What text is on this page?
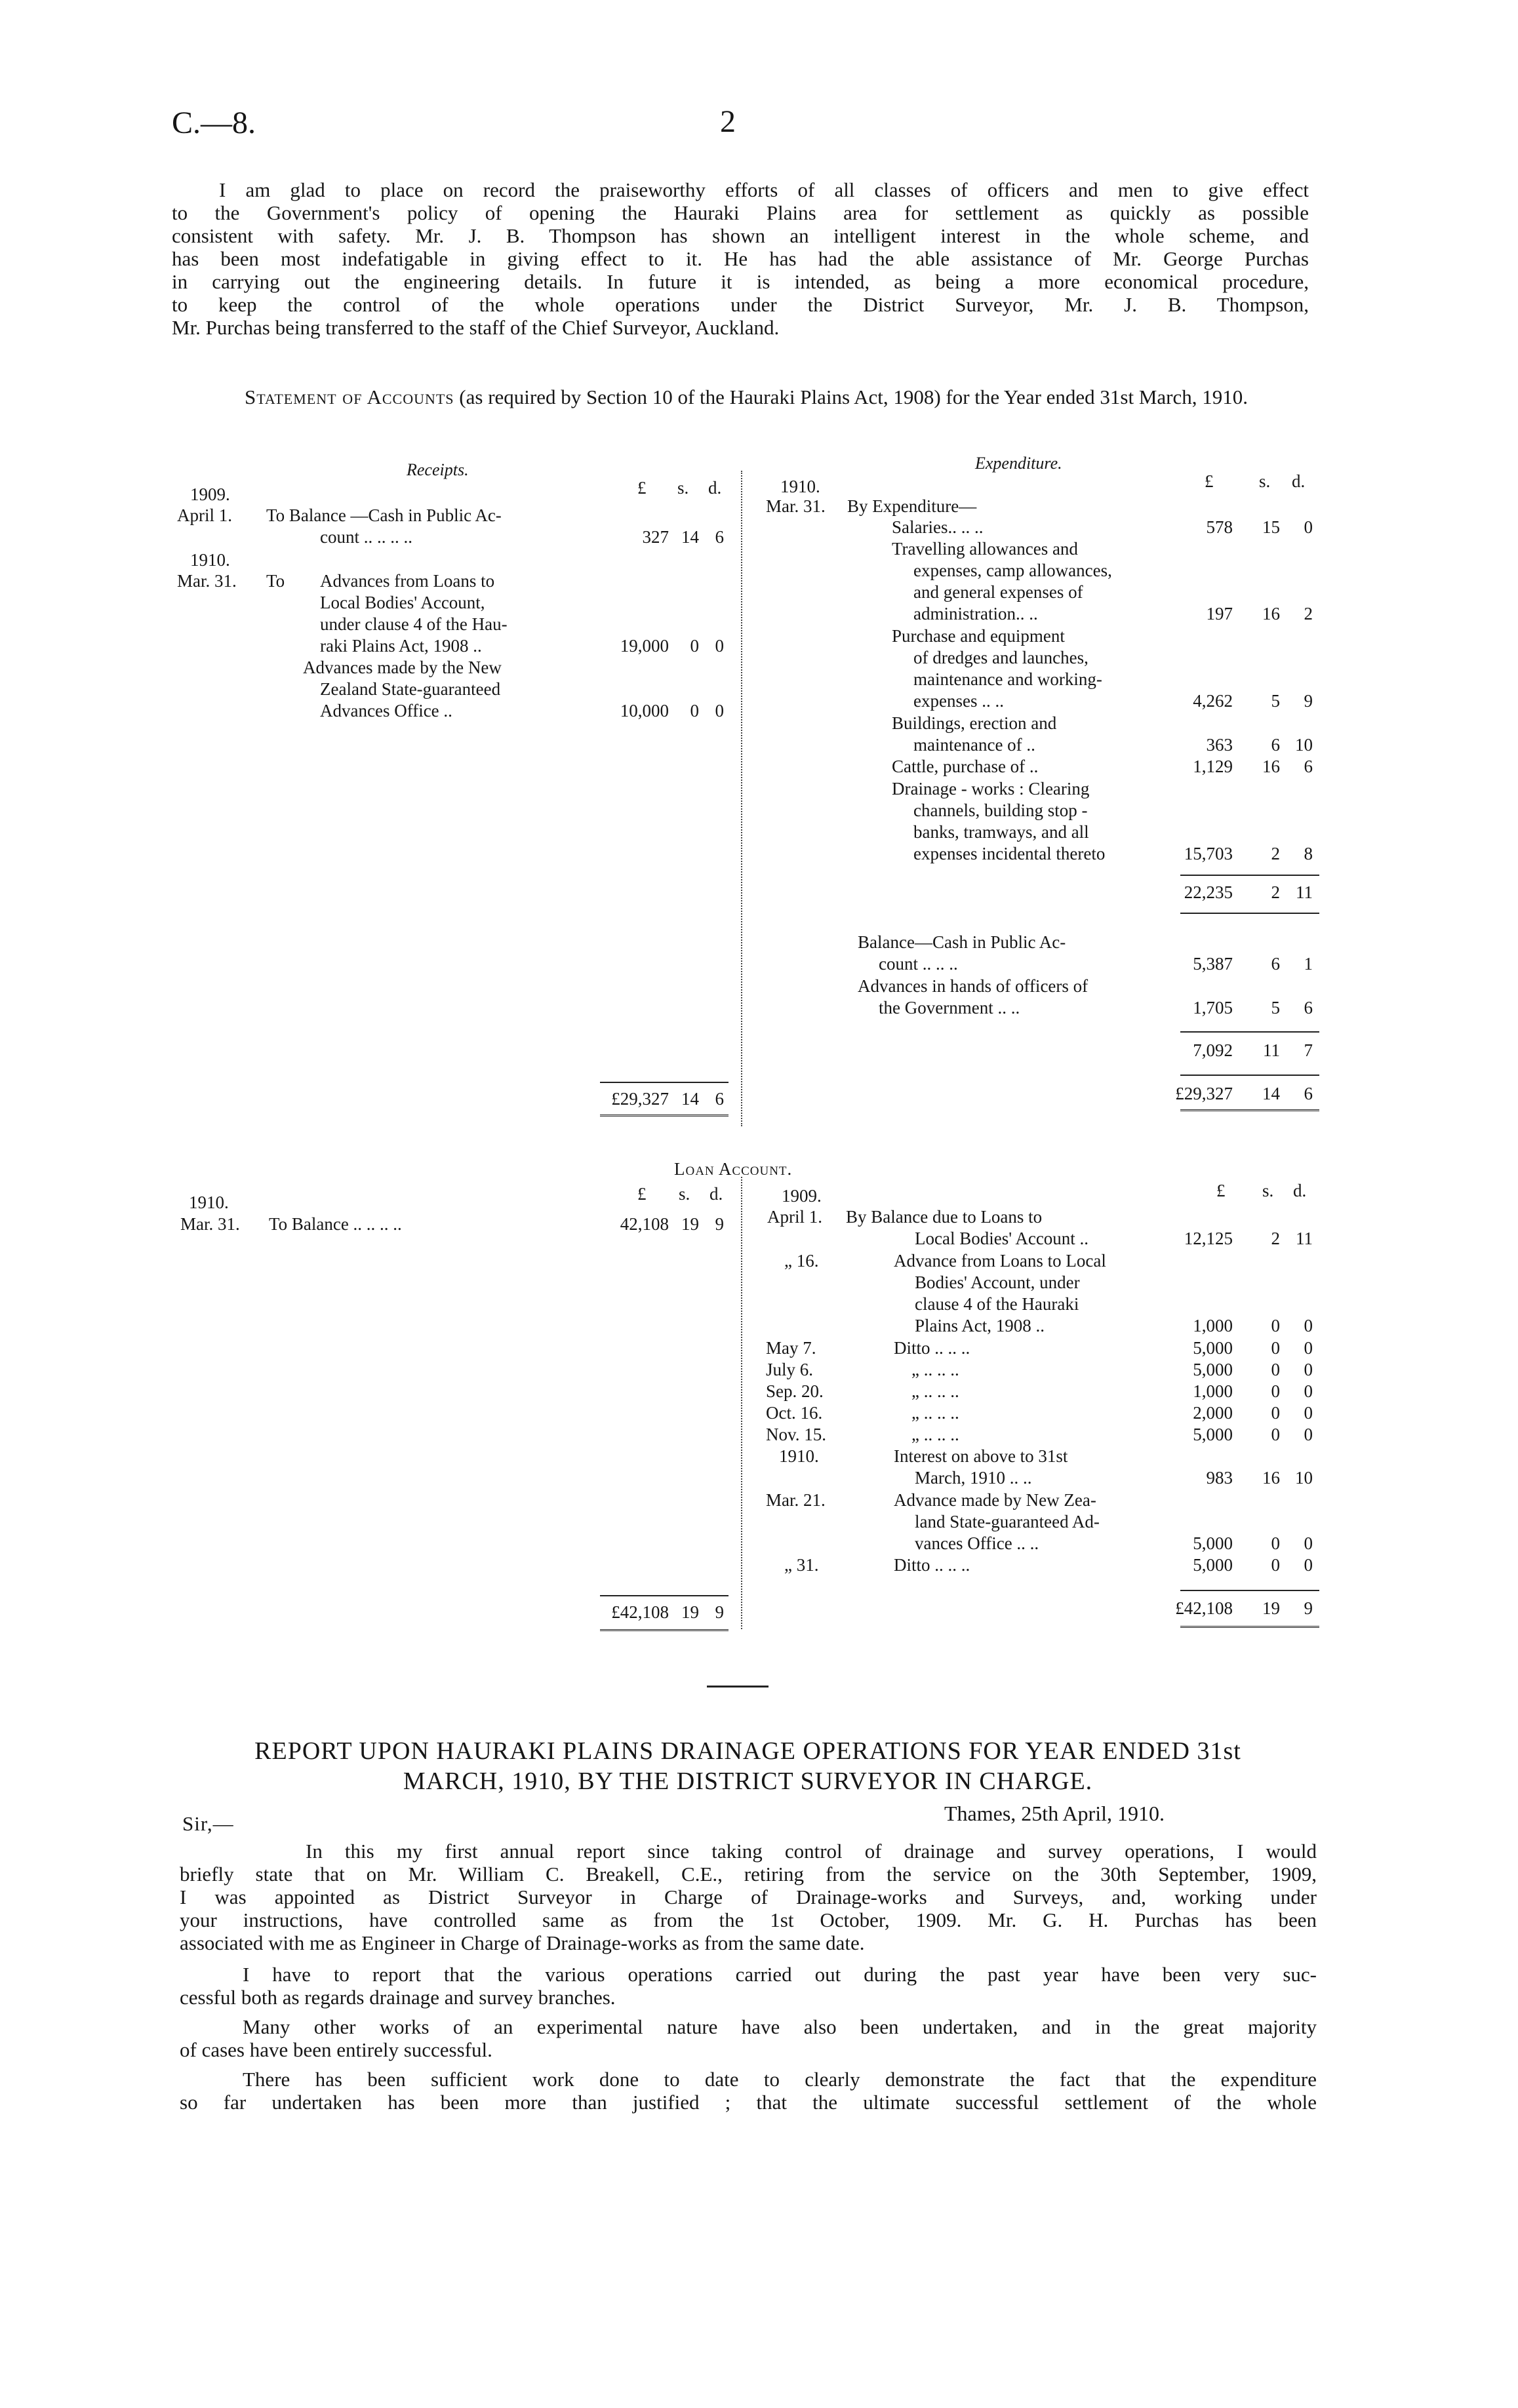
C.—8.	2
I am glad to place on record the praiseworthy efforts of all classes of officers and men to give effect
to the Government's policy of opening the Hauraki Plains area for settlement as quickly as possible
consistent with safety. Mr. J. B. Thompson has shown an intelligent interest in the whole scheme, and
has been most indefatigable in giving effect to it. He has had the able assistance of Mr. George Purchas
in carrying out the engineering details. In future it is intended, as being a more economical procedure,
to keep the control of the whole operations under the District Surveyor, Mr. J. B. Thompson,
Mr. Purchas being transferred to the staff of the Chief Surveyor, Auckland.
Statement of Accounts (as required by Section 10 of the Hauraki Plains Act, 1908) for the Year ended 31st March, 1910.
Receipts.
£ s. d.
1909.
April 1. To Balance —Cash in Public Ac-
count .. .. .. ..	327 14 6
1910.
Mar. 31. To Advances from Loans to
Local Bodies' Account,
under clause 4 of the Hau-
raki Plains Act, 1908 ..	19,000	0 0
Advances made by the New
Zealand State-guaranteed
Advances Office ..	10,000	0 0
£29,327 14 6
Expenditure.
£	s. d.
1910.
Mar. 31. By Expenditure—
Salaries.. .. ..	578	15	0
Travelling allowances and
expenses, camp allowances,
and general expenses of
administration.. ..	197	16	2
Purchase and equipment
of dredges and launches,
maintenance and working-
expenses .. ..	4,262	5	9
Buildings, erection and
maintenance of ..	363	6 10
Cattle, purchase of ..	1,129	16	6
Drainage - works : Clearing
channels, building stop -
banks, tramways, and all
expenses incidental thereto	15,703	2	8
22,235	2 11
Balance—Cash in Public Ac-
count .. .. ..	5,387	6	1
Advances in hands of officers of
the Government .. ..	1,705	5	6
7,092	11	7
£29,327	14	6
Loan Account.
£ s. d.
1910.
Mar. 31. To Balance .. .. .. ..	42,108 19 9
£42,108 19 9
£ s. d.
1909.
April 1. By Balance due to Loans to
Local Bodies' Account ..	12,125	2 11
„ 16.	Advance from Loans to Local
Bodies' Account, under
clause 4 of the Hauraki
Plains Act, 1908 ..	1,000	0	0
May 7.	Ditto .. .. ..	5,000	0	0
July 6.	„ .. .. ..	5,000	0	0
Sep. 20.	„ .. .. ..	1,000	0	0
Oct. 16.	„ .. .. ..	2,000	0	0
Nov. 15.	„ .. .. ..	5,000	0	0
1910.	Interest on above to 31st
March, 1910 .. ..	983	16 10
Mar. 21.	Advance made by New Zea-
land State-guaranteed Ad-
vances Office .. ..	5,000	0	0
„ 31.	Ditto .. .. ..	5,000	0	0
£42,108	19	9
REPORT UPON HAURAKI PLAINS DRAINAGE OPERATIONS FOR YEAR ENDED 31st
MARCH, 1910, BY THE DISTRICT SURVEYOR IN CHARGE.
Thames, 25th April, 1910.
Sir,—
In this my first annual report since taking control of drainage and survey operations, I would
briefly state that on Mr. William C. Breakell, C.E., retiring from the service on the 30th September, 1909,
I was appointed as District Surveyor in Charge of Drainage-works and Surveys, and, working under
your instructions, have controlled same as from the 1st October, 1909. Mr. G. H. Purchas has been
associated with me as Engineer in Charge of Drainage-works as from the same date.
I have to report that the various operations carried out during the past year have been very suc-
cessful both as regards drainage and survey branches.
Many other works of an experimental nature have also been undertaken, and in the great majority
of cases have been entirely successful.
There has been sufficient work done to date to clearly demonstrate the fact that the expenditure
so far undertaken has been more than justified ; that the ultimate successful settlement of the whole
